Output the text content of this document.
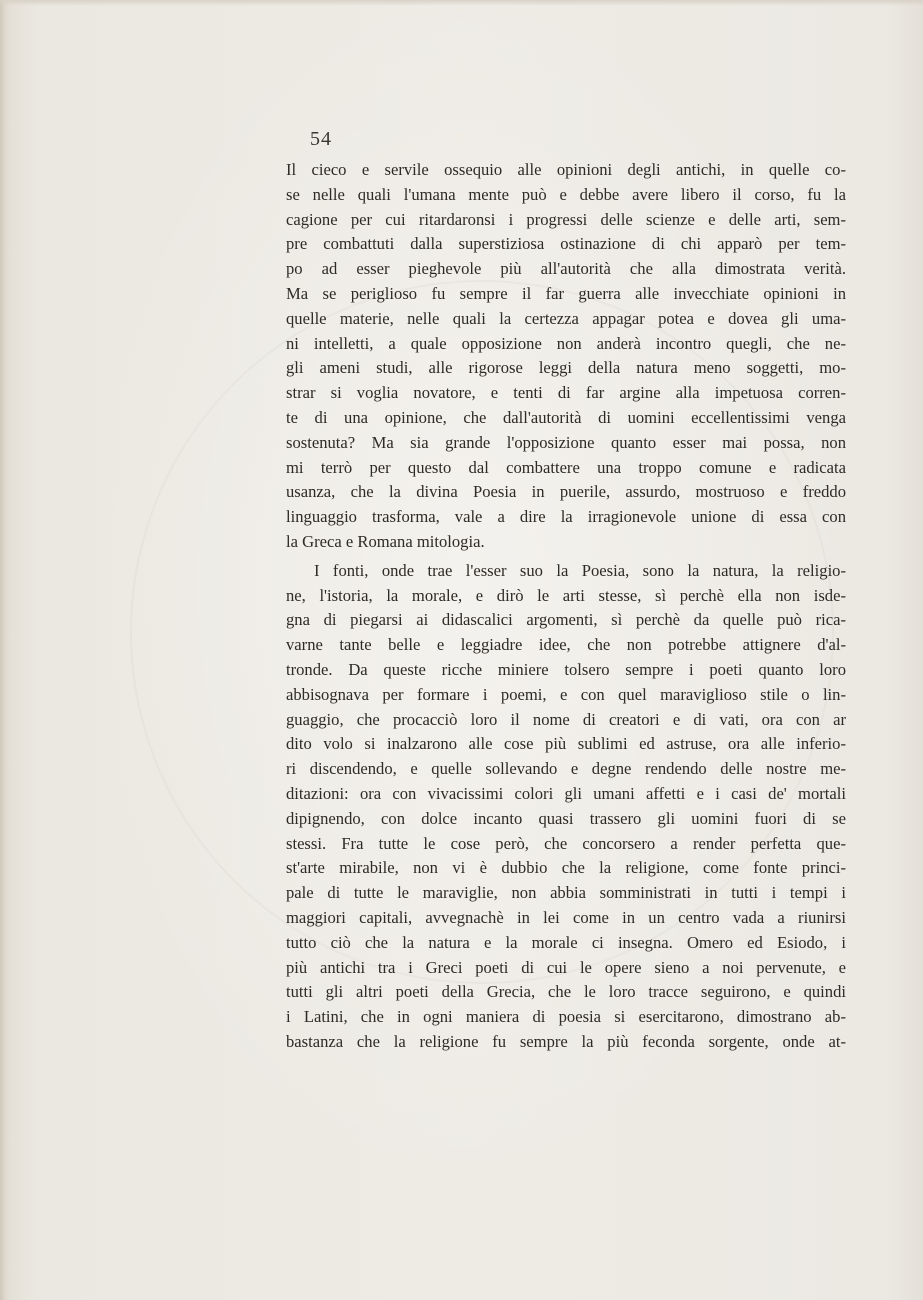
54
Il cieco e servile ossequio alle opinioni degli antichi, in quelle co-
se nelle quali l'umana mente può e debbe avere libero il corso, fu la
cagione per cui ritardaronsi i progressi delle scienze e delle arti, sem-
pre combattuti dalla superstiziosa ostinazione di chi apparò per tem-
po ad esser pieghevole più all'autorità che alla dimostrata verità.
Ma se periglioso fu sempre il far guerra alle invecchiate opinioni in
quelle materie, nelle quali la certezza appagar potea e dovea gli uma-
ni intelletti, a quale opposizione non anderà incontro quegli, che ne-
gli ameni studi, alle rigorose leggi della natura meno soggetti, mo-
strar si voglia novatore, e tenti di far argine alla impetuosa corren-
te di una opinione, che dall'autorità di uomini eccellentissimi venga
sostenuta? Ma sia grande l'opposizione quanto esser mai possa, non
mi terrò per questo dal combattere una troppo comune e radicata
usanza, che la divina Poesia in puerile, assurdo, mostruoso e freddo
linguaggio trasforma, vale a dire la irragionevole unione di essa con
la Greca e Romana mitologia.
I fonti, onde trae l'esser suo la Poesia, sono la natura, la religio-
ne, l'istoria, la morale, e dirò le arti stesse, sì perchè ella non isde-
gna di piegarsi ai didascalici argomenti, sì perchè da quelle può rica-
varne tante belle e leggiadre idee, che non potrebbe attignere d'al-
tronde. Da queste ricche miniere tolsero sempre i poeti quanto loro
abbisognava per formare i poemi, e con quel maraviglioso stile o lin-
guaggio, che procacciò loro il nome di creatori e di vati, ora con ar
dito volo si inalzarono alle cose più sublimi ed astruse, ora alle inferio-
ri discendendo, e quelle sollevando e degne rendendo delle nostre me-
ditazioni: ora con vivacissimi colori gli umani affetti e i casi de' mortali
dipignendo, con dolce incanto quasi trassero gli uomini fuori di se
stessi. Fra tutte le cose però, che concorsero a render perfetta que-
st'arte mirabile, non vi è dubbio che la religione, come fonte princi-
pale di tutte le maraviglie, non abbia somministrati in tutti i tempi i
maggiori capitali, avvegnachè in lei come in un centro vada a riunirsi
tutto ciò che la natura e la morale ci insegna. Omero ed Esiodo, i
più antichi tra i Greci poeti di cui le opere sieno a noi pervenute, e
tutti gli altri poeti della Grecia, che le loro tracce seguirono, e quindi
i Latini, che in ogni maniera di poesia si esercitarono, dimostrano ab-
bastanza che la religione fu sempre la più feconda sorgente, onde at-
